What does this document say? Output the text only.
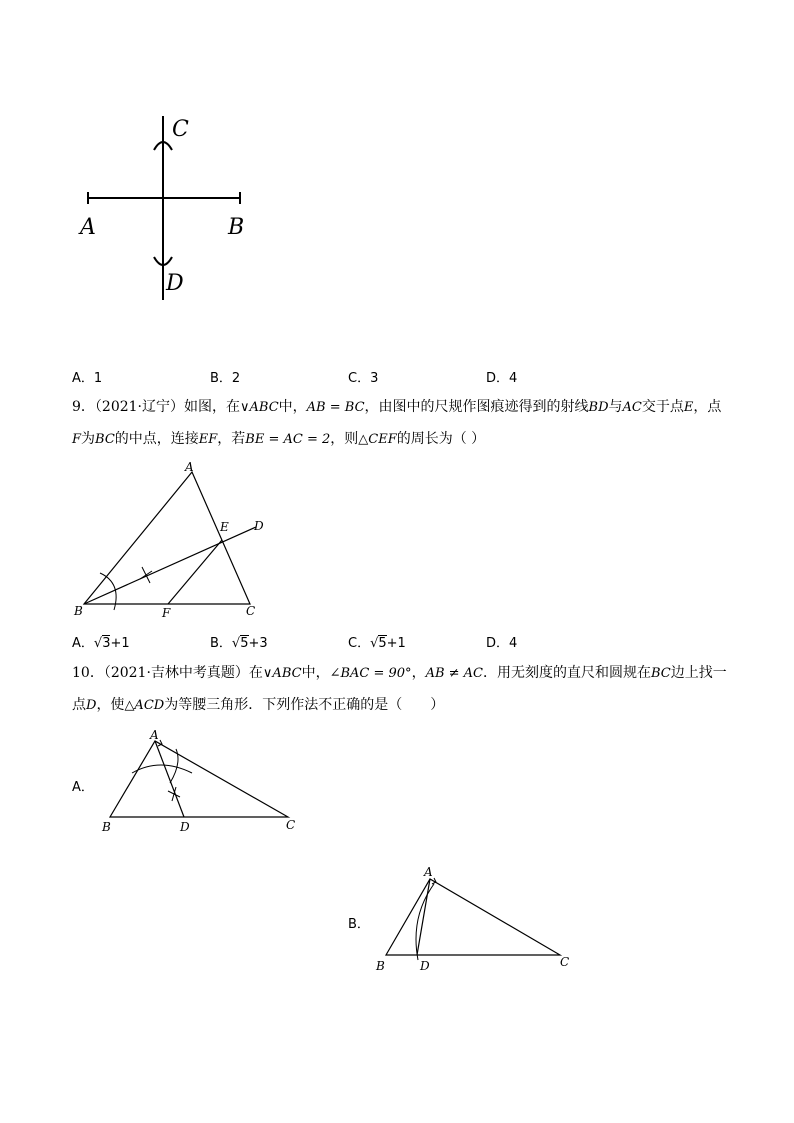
C
A	B
D
A．1	B．2	C．3	D．4
9．（2021·辽宁）如图，在∨ABC中，AB = BC，由图中的尺规作图痕迹得到的射线BD与AC交于点E，点
F为BC的中点，连接EF，若BE = AC = 2，则△CEF的周长为（ ）
A
B	C
D
E
F
A．√3+1	B．√5+3	C．√5+1	D．4
10．（2021·吉林中考真题）在∨ABC中，∠BAC = 90°，AB ≠ AC．用无刻度的直尺和圆规在BC边上找一
点D，使△ACD为等腰三角形．下列作法不正确的是（　　）
A．
A
B	D	C
B．
A
B	D	C
